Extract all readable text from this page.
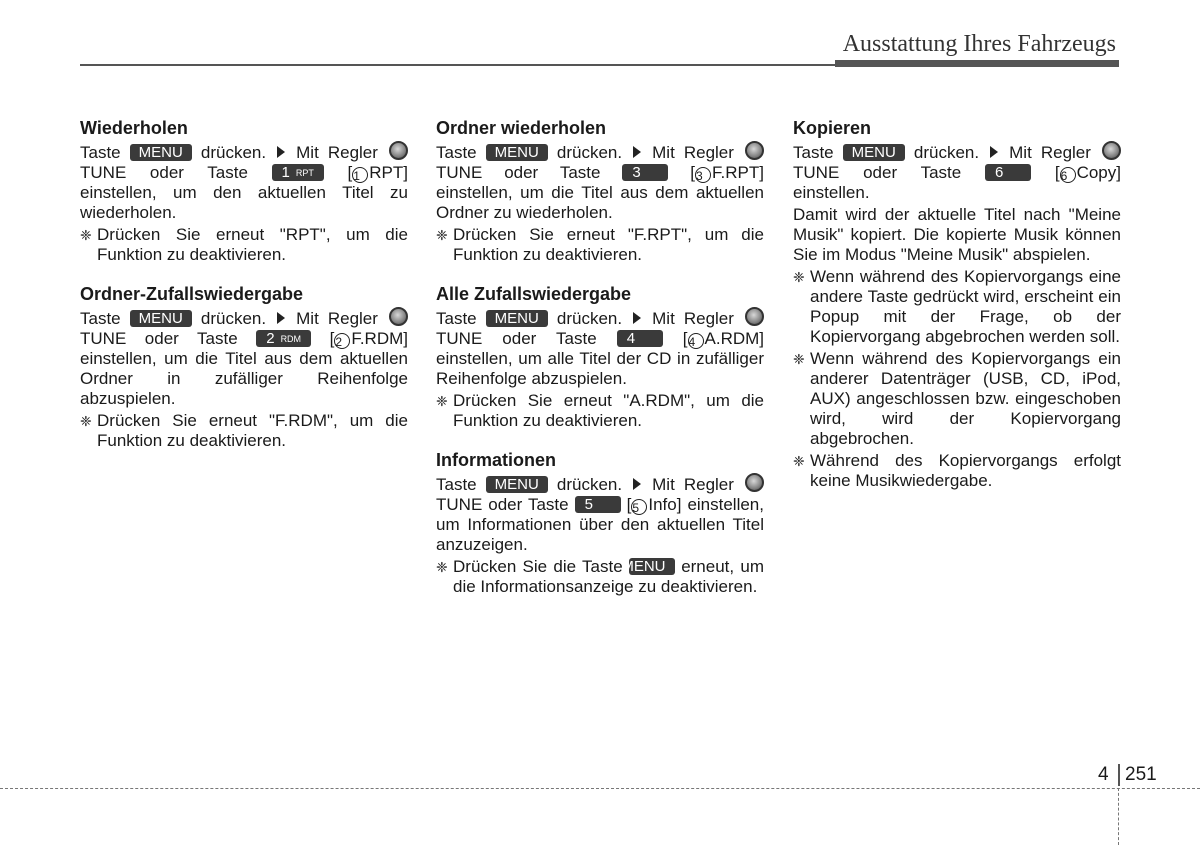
Ausstattung Ihres Fahrzeugs
Wiederholen

Taste MENU drücken. Mit Regler  TUNE oder Taste 1 RPT [1 RPT] einstellen, um den aktuellen Titel zu wiederholen.

❈ Drücken Sie erneut "RPT", um die Funktion zu deaktivieren.

Ordner-Zufallswiedergabe

Taste MENU drücken. Mit Regler  TUNE oder Taste 2 RDM [2 F.RDM] einstellen, um die Titel aus dem aktuellen Ordner in zufälliger Reihenfolge abzuspielen.

❈ Drücken Sie erneut "F.RDM", um die Funktion zu deaktivieren.

Ordner wiederholen

Taste MENU drücken. Mit Regler  TUNE oder Taste 3 [3 F.RPT] einstellen, um die Titel aus dem aktuellen Ordner zu wiederholen.

❈ Drücken Sie erneut "F.RPT", um die Funktion zu deaktivieren.

Alle Zufallswiedergabe

Taste MENU drücken. Mit Regler  TUNE oder Taste 4 [4 A.RDM] einstellen, um alle Titel der CD in zufälliger Reihenfolge abzuspielen.

❈ Drücken Sie erneut "A.RDM", um die Funktion zu deaktivieren.

Informationen

Taste MENU drücken. Mit Regler  TUNE oder Taste 5 [5 Info] einstellen, um Informationen über den aktuellen Titel anzuzeigen.

❈ Drücken Sie die Taste MENU erneut, um die Informationsanzeige zu deaktivieren.

Kopieren

Taste MENU drücken. Mit Regler  TUNE oder Taste 6 [6 Copy] einstellen.

Damit wird der aktuelle Titel nach "Meine Musik" kopiert. Die kopierte Musik können Sie im Modus "Meine Musik" abspielen.

❈ Wenn während des Kopiervorgangs eine andere Taste gedrückt wird, erscheint ein Popup mit der Frage, ob der Kopiervorgang abgebrochen werden soll.

❈ Wenn während des Kopiervorgangs ein anderer Datenträger (USB, CD, iPod, AUX) angeschlossen bzw. eingeschoben wird, wird der Kopiervorgang abgebrochen.

❈ Während des Kopiervorgangs erfolgt keine Musikwiedergabe.

4 251
